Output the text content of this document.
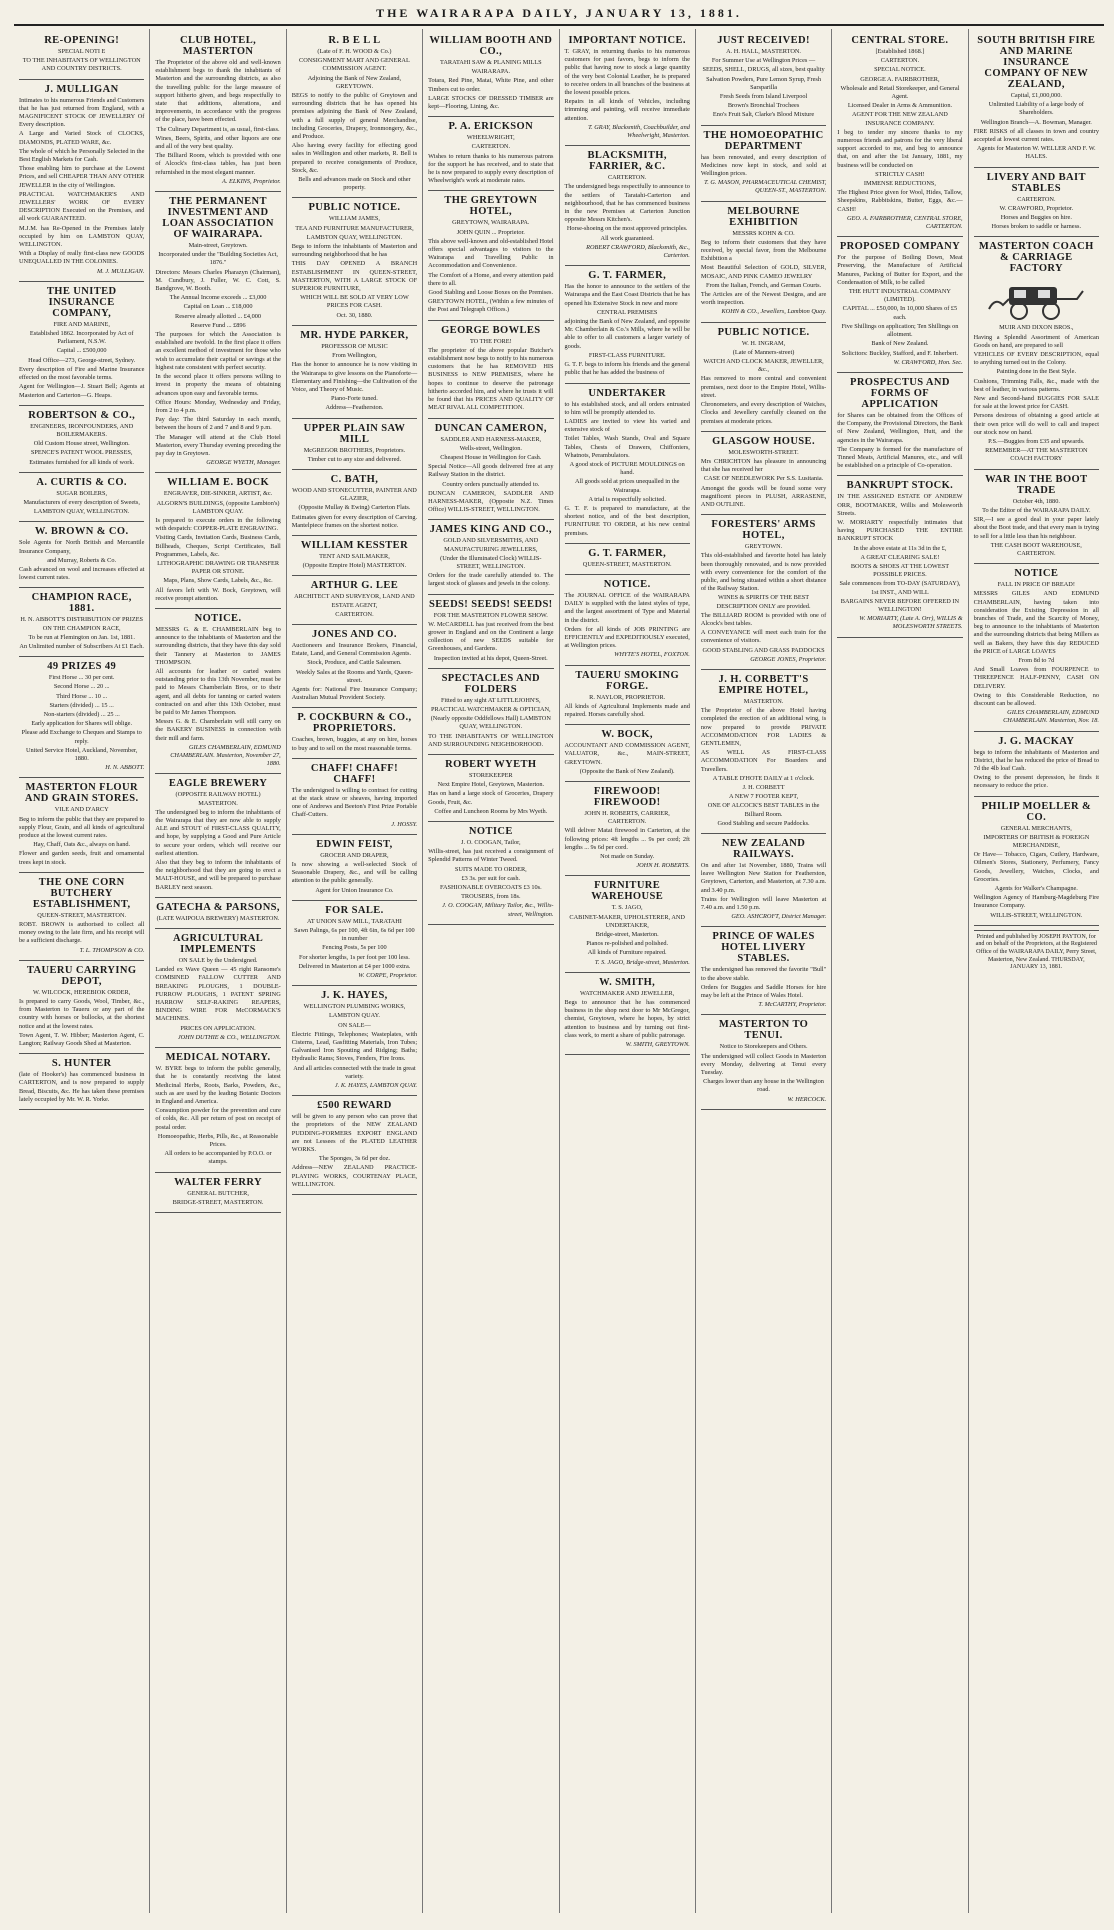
THE WAIRARAPA DAILY, JANUARY 13, 1881.
RE-OPENING!

SPECIAL NOTI E

TO THE INHABITANTS OF WELLINGTON AND COUNTRY DISTRICTS.

J. MULLIGAN

Intimates to his numerous Friends and Customers that he has just returned from England, with a MAGNIFICENT STOCK OF JEWELLERY Of Every description.

A Large and Varied Stock of CLOCKS, DIAMONDS, PLATED WARE, &c.

The whole of which he Personally Selected in the Best English Markets for Cash.

Those enabling him to purchase at the Lowest Prices, and sell CHEAPER THAN ANY OTHER JEWELLER in the city of Wellington.

PRACTICAL WATCHMAKER'S AND JEWELLERS' WORK OF EVERY DESCRIPTION Executed on the Premises, and all work GUARANTEED.

M.J.M. has Re-Opened in the Premises lately occupied by him on LAMBTON QUAY, WELLINGTON.

With a Display of really first-class new GOODS UNEQUALLED IN THE COLONIES.

M. J. MULLIGAN.

THE UNITED INSURANCE COMPANY,

FIRE AND MARINE,

Established 1862. Incorporated by Act of Parliament, N.S.W.

Capital ... £500,000

Head Office—273, George-street, Sydney.

Every description of Fire and Marine Insurance effected on the most favorable terms.

Agent for Wellington—J. Stuart Bell; Agents at Masterton and Carterton—G. Heaps.

ROBERTSON & CO.,

ENGINEERS, IRONFOUNDERS, AND BOILERMAKERS.

Old Custom House street, Wellington.

SPENCE'S PATENT WOOL PRESSES,

Estimates furnished for all kinds of work.

A. CURTIS & CO.

SUGAR BOILERS,

Manufacturers of every description of Sweets,

LAMBTON QUAY, WELLINGTON.

W. BROWN & CO.

Sole Agents for North British and Mercantile Insurance Company,

and Murray, Roberts & Co.

Cash advanced on wool and increases effected at lowest current rates.

CHAMPION RACE, 1881.

H. N. ABBOTT'S DISTRIBUTION OF PRIZES ON THE CHAMPION RACE,

To be run at Flemington on Jan. 1st, 1881.

An Unlimited number of Subscribers At £1 Each.

49 PRIZES 49

First Horse ... 30 per cent.

Second Horse ... 20 ...

Third Horse ... 10 ...

Starters (divided) ... 15 ...

Non-starters (divided) ... 25 ...

Early application for Shares will oblige.

Please add Exchange to Cheques and Stamps to reply.

United Service Hotel, Auckland, November, 1880.

H. N. ABBOTT.

MASTERTON FLOUR AND GRAIN STORES.

VILE AND D'ARCY

Beg to inform the public that they are prepared to supply Flour, Grain, and all kinds of agricultural produce at the lowest current rates.

Hay, Chaff, Oats &c., always on hand.

Flower and garden seeds, fruit and ornamental trees kept in stock.

THE ONE CORN BUTCHERY ESTABLISHMENT,

QUEEN-STREET, MASTERTON.

ROBT. BROWN is authorised to collect all money owing to the late firm, and his receipt will be a sufficient discharge.

T. L. THOMPSON & CO.

TAUERU CARRYING DEPOT,

W. WILCOCK, HEREBIOK ORDER,

Is prepared to carry Goods, Wool, Timber, &c., from Masterton to Taueru or any part of the country with horses or bullocks, at the shortest notice and at the lowest rates.

Town Agent, T. W. Hibber; Masterton Agent, C. Langton; Railway Goods Shed at Masterton.

S. HUNTER

(late of Hooker's) has commenced business in CARTERTON, and is now prepared to supply Bread, Biscuits, &c. He has taken these premises lately occupied by Mr. W. R. Yorke.

CLUB HOTEL, MASTERTON

The Proprietor of the above old and well-known establishment begs to thank the inhabitants of Masterton and the surrounding districts, as also the travelling public for the large measure of support hitherto given, and begs respectfully to state that additions, alterations, and improvements, in accordance with the progress of the place, have been effected.

The Culinary Department is, as usual, first-class.

Wines, Beers, Spirits, and other liquors are one and all of the very best quality.

The Billiard Room, which is provided with one of Alcock's first-class tables, has just been refurnished in the most elegant manner.

A. ELKINS, Proprietor.

THE PERMANENT INVESTMENT AND LOAN ASSOCIATION OF WAIRARAPA.

Main-street, Greytown.

Incorporated under the "Building Societies Act, 1876."

Directors: Messrs Charles Pharazyn (Chairman), M. Cundbury, J. Fuller, W. C. Cott, S. Bandgrove, W. Booth.

The Annual Income exceeds ... £3,000

Capital on Loan ... £18,000

Reserve already allotted ... £4,000

Reserve Fund ... £896

The purposes for which the Association is established are twofold. In the first place it offers an excellent method of investment for those who wish to accumulate their capital or savings at the highest rate consistent with perfect security.

In the second place it offers persons willing to invest in property the means of obtaining advances upon easy and favorable terms.

Office Hours: Monday, Wednesday and Friday, from 2 to 4 p.m.

Pay day: The third Saturday in each month, between the hours of 2 and 7 and 8 and 9 p.m.

The Manager will attend at the Club Hotel Masterton, every Thursday evening preceding the pay day in Greytown.

GEORGE WYETH, Manager.

WILLIAM E. BOCK

ENGRAVER, DIE-SINKER, ARTIST, &c.

ALGORN'S BUILDINGS, (opposite Lambton's) LAMBTON QUAY.

Is prepared to execute orders in the following with despatch: COPPER-PLATE ENGRAVING.

Visiting Cards, Invitation Cards, Business Cards, Billheads, Cheques, Script Certificates, Ball Programmes, Labels, &c.

LITHOGRAPHIC DRAWING OR TRANSFER PAPER OR STONE.

Maps, Plans, Show Cards, Labels, &c., &c.

All favors left with W. Bock, Greytown, will receive prompt attention.

NOTICE.

MESSRS G. & E. CHAMBERLAIN beg to announce to the inhabitants of Masterton and the surrounding districts, that they have this day sold their Tannery at Masterton to JAMES THOMPSON.

All accounts for leather or carted waters outstanding prior to this 13th November, must be paid to Messrs Chamberlain Bros, or to their agent, and all debts for tanning or carted waters contracted on and after this 13th October, must be paid to Mr James Thompson.

Messrs G. & E. Chamberlain will still carry on the BAKERY BUSINESS in connection with their mill and farm.

GILES CHAMBERLAIN, EDMUND CHAMBERLAIN. Masterton, November 27, 1880.

EAGLE BREWERY

(OPPOSITE RAILWAY HOTEL) MASTERTON.

The undersigned beg to inform the inhabitants of the Wairarapa that they are now able to supply ALE and STOUT of FIRST-CLASS QUALITY, and hope, by supplying a Good and Pure Article to secure your orders, which will receive our earliest attention.

Also that they beg to inform the inhabitants of the neighborhood that they are going to erect a MALT-HOUSE, and will be prepared to purchase BARLEY next season.

GATECHA & PARSONS,

(LATE WAIPOUA BREWERY) MASTERTON.

AGRICULTURAL IMPLEMENTS

ON SALE by the Undersigned.

Landed ex Wave Queen — 45 right Ransome's COMBINED FALLOW CUTTER AND BREAKING PLOUGHS, 1 DOUBLE-FURROW PLOUGHS, 1 PATENT SPRING HARROW SELF-RAKING REAPERS, BINDING WIRE FOR McCORMACK'S MACHINES.

PRICES ON APPLICATION.

JOHN DUTHIE & CO., WELLINGTON.

MEDICAL NOTARY.

W. BYRE begs to inform the public generally, that he is constantly receiving the latest Medicinal Herbs, Roots, Barks, Powders, &c., such as are used by the leading Botanic Doctors in England and America.

Consumption powder for the prevention and cure of colds, &c. All per return of post on receipt of postal order.

Homoeopathic, Herbs, Pills, &c., at Reasonable Prices.

All orders to be accompanied by P.O.O. or stamps.

WALTER FERRY

GENERAL BUTCHER,

BRIDGE-STREET, MASTERTON.

R. B E L L

(Late of F. H. WOOD & Co.)

CONSIGNMENT MART AND GENERAL COMMISSION AGENT.

Adjoining the Bank of New Zealand, GREYTOWN.

BEGS to notify to the public of Greytown and surrounding districts that he has opened his premises adjoining the Bank of New Zealand, with a full supply of general Merchandise, including Groceries, Drapery, Ironmongery, &c., and Produce.

Also having every facility for effecting good sales in Wellington and other markets, R. Bell is prepared to receive consignments of Produce, Stock, &c.

Bells and advances made on Stock and other property.

PUBLIC NOTICE.

WILLIAM JAMES,

TEA AND FURNITURE MANUFACTURER,

LAMBTON QUAY, WELLINGTON.

Begs to inform the inhabitants of Masterton and surrounding neighborhood that he has

THIS DAY OPENED A BRANCH ESTABLISHMENT IN QUEEN-STREET, MASTERTON, WITH A LARGE STOCK OF SUPERIOR FURNITURE,

WHICH WILL BE SOLD AT VERY LOW PRICES FOR CASH.

Oct. 30, 1880.

MR. HYDE PARKER,

PROFESSOR OF MUSIC

From Wellington,

Has the honor to announce he is now visiting in the Wairarapa to give lessons on the Pianoforte—Elementary and Finishing—the Cultivation of the Voice, and Theory of Music.

Piano-Forte tuned.

Address—Featherston.

UPPER PLAIN SAW MILL

McGREGOR BROTHERS, Proprietors.

Timber cut to any size and delivered.

C. BATH,

WOOD AND STONECUTTER, PAINTER AND GLAZIER,

(Opposite Mullay & Ewing) Carterton Flats.

Estimates given for every description of Carving. Mantelpiece frames on the shortest notice.

WILLIAM KESSTER

TENT AND SAILMAKER,

(Opposite Empire Hotel) MASTERTON.

ARTHUR G. LEE

ARCHITECT AND SURVEYOR, LAND AND ESTATE AGENT,

CARTERTON.

JONES AND CO.

Auctioneers and Insurance Brokers, Financial, Estate, Land, and General Commission Agents.

Stock, Produce, and Cattle Salesmen.

Weekly Sales at the Rooms and Yards, Queen-street.

Agents for: National Fire Insurance Company; Australian Mutual Provident Society.

P. COCKBURN & CO., PROPRIETORS.

Coaches, brown, buggies, at any on hire, horses to buy and to sell on the most reasonable terms.

CHAFF! CHAFF! CHAFF!

The undersigned is willing to contract for cutting at the stack straw or sheaves, having imported one of Andrews and Beeton's First Prize Portable Chaff-Cutters.

J. HOSSY.

EDWIN FEIST,

GROCER AND DRAPER,

Is now showing a well-selected Stock of Seasonable Drapery, &c., and will be calling attention to the public generally.

Agent for Union Insurance Co.

FOR SALE.

AT UNION SAW MILL, TARATAHI

Sawn Palings, 6s per 100, 4ft 6in, 6s 6d per 100 in number

Fencing Posts, 5s per 100

For shorter lengths, 1s per foot per 100 less.

Delivered in Masterton at £4 per 1000 extra.

W. CORPE, Proprietor.

J. K. HAYES,

WELLINGTON PLUMBING WORKS,

LAMBTON QUAY.

ON SALE—

Electric Fittings, Telephones; Wasteplates, with Cisterns, Lead, Gasfitting Materials, Iron Tubes; Galvanised Iron Spouting and Ridging; Baths; Hydraulic Rams; Stoves, Fenders, Fire Irons.

And all articles connected with the trade in great variety.

J. K. HAYES, LAMBTON QUAY.

£500 REWARD

will be given to any person who can prove that the proprietors of the NEW ZEALAND PUDDING-FORMERS EXPORT ENGLAND are not Lessees of the PLATED LEATHER WORKS.

The Sponges, 3s 6d per doz.

Address—NEW ZEALAND PRACTICE-PLAYING WORKS, COURTENAY PLACE, WELLINGTON.

WILLIAM BOOTH AND CO.,

TARATAHI SAW & PLANING MILLS

WAIRARAPA.

Totara, Red Pine, Matai, White Pine, and other Timbers cut to order.

LARGE STOCKS OF DRESSED TIMBER are kept—Flooring, Lining, &c.

P. A. ERICKSON

WHEELWRIGHT,

CARTERTON.

Wishes to return thanks to his numerous patrons for the support he has received, and to state that he is now prepared to supply every description of Wheelwright's work at moderate rates.

THE GREYTOWN HOTEL,

GREYTOWN, WAIRARAPA.

JOHN QUIN ... Proprietor.

This above well-known and old-established Hotel offers special advantages to visitors to the Wairarapa and Travelling Public in Accommodation and Convenience.

The Comfort of a Home, and every attention paid there to all.

Good Stabling and Loose Boxes on the Premises.

GREYTOWN HOTEL, (Within a few minutes of the Post and Telegraph Offices.)

GEORGE BOWLES

TO THE FORE!

The proprietor of the above popular Butcher's establishment now begs to notify to his numerous customers that he has REMOVED HIS BUSINESS to NEW PREMISES, where he hopes to continue to deserve the patronage hitherto accorded him, and where he trusts it will be found that his PRICES AND QUALITY OF MEAT RIVAL ALL COMPETITION.

DUNCAN CAMERON,

SADDLER AND HARNESS-MAKER,

Wells-street, Wellington.

Cheapest House in Wellington for Cash.

Special Notice—All goods delivered free at any Railway Station in the district.

Country orders punctually attended to.

DUNCAN CAMERON, SADDLER AND HARNESS-MAKER, (Opposite N.Z. Times Office) WILLIS-STREET, WELLINGTON.

JAMES KING AND CO.,

GOLD AND SILVERSMITHS, AND MANUFACTURING JEWELLERS,

(Under the Illuminated Clock) WILLIS-STREET, WELLINGTON.

Orders for the trade carefully attended to. The largest stock of glasses and jewels in the colony.

SEEDS! SEEDS! SEEDS!

FOR THE MASTERTON FLOWER SHOW.

W. McCARDELL has just received from the best grower in England and on the Continent a large collection of new SEEDS suitable for Greenhouses, and Gardens.

Inspection invited at his depot, Queen-Street.

SPECTACLES AND FOLDERS

Fitted to any sight AT LITTLEJOHN'S,

PRACTICAL WATCHMAKER & OPTICIAN,

(Nearly opposite Oddfellows Hall) LAMBTON QUAY, WELLINGTON.

TO THE INHABITANTS OF WELLINGTON AND SURROUNDING NEIGHBORHOOD.

ROBERT WYETH

STOREKEEPER

Next Empire Hotel, Greytown, Masterton.

Has on hand a large stock of Groceries, Drapery Goods, Fruit, &c.

Coffee and Luncheon Rooms by Mrs Wyeth.

NOTICE

J. O. COOGAN, Tailor,

Willis-street, has just received a consignment of Splendid Patterns of Winter Tweed.

SUITS MADE TO ORDER,

£3 3s. per suit for cash.

FASHIONABLE OVERCOATS £3 10s.

TROUSERS, from 18s.

J. O. COOGAN, Military Tailor, &c., Willis-street, Wellington.

IMPORTANT NOTICE.

T. GRAY, in returning thanks to his numerous customers for past favors, begs to inform the public that having now to stock a large quantity of the very best Colonial Leather, he is prepared to receive orders in all branches of the business at the lowest possible prices.

Repairs in all kinds of Vehicles, including trimming and painting, will receive immediate attention.

T. GRAY, Blacksmith, Coachbuilder, and Wheelwright, Masterton.

BLACKSMITH, FARRIER, &C.

CARTERTON.

The undersigned begs respectfully to announce to the settlers of Taratahi-Carterton and neighbourhood, that he has commenced business in the new Premises at Carterton Junction opposite Messrs Kitchen's.

Horse-shoeing on the most approved principles.

All work guaranteed.

ROBERT CRAWFORD, Blacksmith, &c., Carterton.

G. T. FARMER,

Has the honor to announce to the settlers of the Wairarapa and the East Coast Districts that he has opened his Extensive Stock in new and more

CENTRAL PREMISES

adjoining the Bank of New Zealand, and opposite Mr. Chamberlain & Co.'s Mills, where he will be able to offer to all customers a larger variety of goods.

FIRST-CLASS FURNITURE.

G. T. F. begs to inform his friends and the general public that he has added the business of

UNDERTAKER

to his established stock, and all orders entrusted to him will be promptly attended to.

LADIES are invited to view his varied and extensive stock of

Toilet Tables, Wash Stands, Oval and Square Tables, Chests of Drawers, Chiffoniers, Whatnots, Perambulators.

A good stock of PICTURE MOULDINGS on hand.

All goods sold at prices unequalled in the Wairarapa.

A trial is respectfully solicited.

G. T. F. is prepared to manufacture, at the shortest notice, and of the best description, FURNITURE TO ORDER, at his new central premises.

G. T. FARMER,

QUEEN-STREET, MASTERTON.

NOTICE.

The JOURNAL OFFICE of the WAIRARAPA DAILY is supplied with the latest styles of type, and the largest assortment of Type and Material in the district.

Orders for all kinds of JOB PRINTING are EFFICIENTLY and EXPEDITIOUSLY executed, at Wellington prices.

WHYTE'S HOTEL, FOXTON.

TAUERU SMOKING FORGE.

R. NAYLOR, PROPRIETOR.

All kinds of Agricultural Implements made and repaired. Horses carefully shod.

W. BOCK,

ACCOUNTANT AND COMMISSION AGENT, VALUATOR, &c., MAIN-STREET, GREYTOWN.

(Opposite the Bank of New Zealand).

FIREWOOD! FIREWOOD!

JOHN H. ROBERTS, CARRIER, CARTERTON.

Will deliver Matai firewood in Carterton, at the following prices: 4ft lengths ... 9s per cord; 2ft lengths ... 9s 6d per cord.

Not made on Sunday.

JOHN H. ROBERTS.

FURNITURE WAREHOUSE

T. S. JAGO,

CABINET-MAKER, UPHOLSTERER, AND UNDERTAKER,

Bridge-street, Masterton.

Pianos re-polished and polished.

All kinds of Furniture repaired.

T. S. JAGO, Bridge-street, Masterton.

W. SMITH,

WATCHMAKER AND JEWELLER,

Begs to announce that he has commenced business in the shop next door to Mr McGregor, chemist, Greytown, where he hopes, by strict attention to business and by turning out first-class work, to merit a share of public patronage.

W. SMITH, GREYTOWN.

JUST RECEIVED!

A. H. HALL, MASTERTON.

For Summer Use at Wellington Prices —

SEEDS, SHELL, DRUGS, all sizes, best quality

Salvation Powders, Pure Lemon Syrup, Fresh Sarsparilla

Fresh Seeds from Island Liverpool

Brown's Bronchial Trochees

Eno's Fruit Salt, Clarke's Blood Mixture

THE HOMOEOPATHIC DEPARTMENT

has been renovated, and every description of Medicines now kept in stock, and sold at Wellington prices.

T. G. MASON, PHARMACEUTICAL CHEMIST, QUEEN-ST., MASTERTON.

MELBOURNE EXHIBITION

MESSRS KOHN & CO.

Beg to inform their customers that they have received, by special favor, from the Melbourne Exhibition a

Most Beautiful Selection of GOLD, SILVER, MOSAIC, AND PINK CAMEO JEWELRY

From the Italian, French, and German Courts.

The Articles are of the Newest Designs, and are worth inspection.

KOHN & CO., Jewellers, Lambton Quay.

PUBLIC NOTICE.

W. H. INGRAM,

(Late of Manners-street)

WATCH AND CLOCK MAKER, JEWELLER, &c.,

Has removed to more central and convenient premises, next door to the Empire Hotel, Willis-street.

Chronometers, and every description of Watches, Clocks and Jewellery carefully cleaned on the premises at moderate prices.

GLASGOW HOUSE.

MOLESWORTH-STREET.

Mrs CHRICHTON has pleasure in announcing that she has received her

CASE OF NEEDLEWORK Per S.S. Lusitania.

Amongst the goods will be found some very magnificent pieces in PLUSH, ARRASENE, AND OUTLINE.

FORESTERS' ARMS HOTEL,

GREYTOWN.

This old-established and favorite hotel has lately been thoroughly renovated, and is now provided with every convenience for the comfort of the public, and being situated within a short distance of the Railway Station.

WINES & SPIRITS OF THE BEST DESCRIPTION ONLY are provided.

The BILLIARD ROOM is provided with one of Alcock's best tables.

A CONVEYANCE will meet each train for the convenience of visitors.

GOOD STABLING AND GRASS PADDOCKS

GEORGE JONES, Proprietor.

J. H. CORBETT'S EMPIRE HOTEL,

MASTERTON.

The Proprietor of the above Hotel having completed the erection of an additional wing, is now prepared to provide PRIVATE ACCOMMODATION FOR LADIES & GENTLEMEN,

AS WELL AS FIRST-CLASS ACCOMMODATION For Boarders and Travellers.

A TABLE D'HOTE DAILY at 1 o'clock.

J. H. CORBETT

A NEW 7 FOOTER KEPT,

ONE OF ALCOCK'S BEST TABLES in the Billiard Room.

Good Stabling and secure Paddocks.

NEW ZEALAND RAILWAYS.

On and after 1st November, 1880, Trains will leave Wellington New Station for Featherston, Greytown, Carterton, and Masterton, at 7.30 a.m. and 3.40 p.m.

Trains for Wellington will leave Masterton at 7.40 a.m. and 1.50 p.m.

GEO. ASHCROFT, District Manager.

PRINCE OF WALES HOTEL LIVERY STABLES.

The undersigned has removed the favorite "Bull" to the above stable.

Orders for Buggies and Saddle Horses for hire may be left at the Prince of Wales Hotel.

T. McCARTHY, Proprietor.

MASTERTON TO TENUI.

Notice to Storekeepers and Others.

The undersigned will collect Goods in Masterton every Monday, delivering at Tenui every Tuesday.

Charges lower than any house in the Wellington road.

W. HERCOCK.

CENTRAL STORE.

[Established 1868.]

CARTERTON.

SPECIAL NOTICE.

GEORGE A. FAIRBROTHER,

Wholesale and Retail Storekeeper, and General Agent.

Licensed Dealer in Arms & Ammunition.

AGENT FOR THE NEW ZEALAND INSURANCE COMPANY.

I beg to tender my sincere thanks to my numerous friends and patrons for the very liberal support accorded to me, and beg to announce that, on and after the 1st January, 1881, my business will be conducted on

STRICTLY CASH!

IMMENSE REDUCTIONS,

The Highest Price given for Wool, Hides, Tallow, Sheepskins, Rabbitskins, Butter, Eggs, &c.—CASH!

GEO. A. FAIRBROTHER, CENTRAL STORE, CARTERTON.

PROPOSED COMPANY

For the purpose of Boiling Down, Meat Preserving, the Manufacture of Artificial Manures, Packing of Butter for Export, and the Condensation of Milk, to be called

THE HUTT INDUSTRIAL COMPANY (LIMITED).

CAPITAL ... £50,000, In 10,000 Shares of £5 each.

Five Shillings on application; Ten Shillings on allotment.

Bank of New Zealand.

Solicitors: Buckley, Stafford, and F. Inherbert.

W. CRAWFORD, Hon. Sec.

PROSPECTUS AND FORMS OF APPLICATION

for Shares can be obtained from the Offices of the Company, the Provisional Directors, the Bank of New Zealand, Wellington, Hutt, and the agencies in the Wairarapa.

The Company is formed for the manufacture of Tinned Meats, Artificial Manures, etc., and will be established on a principle of Co-operation.

BANKRUPT STOCK.

IN THE ASSIGNED ESTATE OF ANDREW ORR, BOOTMAKER, Willis and Molesworth Streets.

W. MORIARTY respectfully intimates that having PURCHASED THE ENTIRE BANKRUPT STOCK

In the above estate at 11s 3d in the £,

A GREAT CLEARING SALE!

BOOTS & SHOES AT THE LOWEST POSSIBLE PRICES.

Sale commences from TO-DAY (SATURDAY), 1st INST., AND WILL

BARGAINS NEVER BEFORE OFFERED IN WELLINGTON!

W. MORIARTY, (Late A. Orr), WILLIS & MOLESWORTH STREETS.

SOUTH BRITISH FIRE AND MARINE INSURANCE COMPANY OF NEW ZEALAND,

Capital, £1,000,000.

Unlimited Liability of a large body of Shareholders.

Wellington Branch—A. Bowman, Manager.

FIRE RISKS of all classes in town and country accepted at lowest current rates.

Agents for Masterton W. WELLER AND F. W. HALES.

LIVERY AND BAIT STABLES

CARTERTON.

W. CRAWFORD, Proprietor.

Horses and Buggies on hire.

Horses broken to saddle or harness.

MASTERTON COACH & CARRIAGE FACTORY

MUIR AND DIXON BROS.,

Having a Splendid Assortment of American Goods on hand, are prepared to sell

VEHICLES OF EVERY DESCRIPTION, equal to anything turned out in the Colony.

Painting done in the Best Style.

Cushions, Trimming Falls, &c., made with the best of leather, in various patterns.

New and Second-hand BUGGIES FOR SALE for sale at the lowest price for CASH.

Persons desirous of obtaining a good article at their own price will do well to call and inspect our stock now on hand.

P.S.—Buggies from £35 and upwards.

REMEMBER—AT THE MASTERTON COACH FACTORY

WAR IN THE BOOT TRADE

October 4th, 1880.

To the Editor of the WAIRARAPA DAILY.

SIR,—I see a good deal in your paper lately about the Boot trade, and that every man is trying to sell for a little less than his neighbour.

THE CASH BOOT WAREHOUSE, CARTERTON.

NOTICE

FALL IN PRICE OF BREAD!

MESSRS GILES AND EDMUND CHAMBERLAIN, having taken into consideration the Existing Depression in all branches of Trade, and the Scarcity of Money, beg to announce to the inhabitants of Masterton and the surrounding districts that being Millers as well as Bakers, they have this day REDUCED the PRICE of LARGE LOAVES

From 8d to 7d

And Small Loaves from FOURPENCE to THREEPENCE HALF-PENNY, CASH ON DELIVERY.

Owing to this Considerable Reduction, no discount can be allowed.

GILES CHAMBERLAIN, EDMUND CHAMBERLAIN. Masterton, Nov. 18.

J. G. MACKAY

begs to inform the inhabitants of Masterton and District, that he has reduced the price of Bread to 7d the 4lb loaf Cash.

Owing to the present depression, he finds it necessary to reduce the price.

PHILIP MOELLER & CO.

GENERAL MERCHANTS,

IMPORTERS OF BRITISH & FOREIGN MERCHANDISE,

Or Have— Tobacco, Cigars, Cutlery, Hardware, Oilmen's Stores, Stationery, Perfumery, Fancy Goods, Jewellery, Watches, Clocks, and Groceries.

Agents for Walker's Champagne.

Wellington Agency of Hamburg-Magdeburg Fire Insurance Company.

WILLIS-STREET, WELLINGTON.

Printed and published by JOSEPH PAYTON, for and on behalf of the Proprietors, at the Registered Office of the WAIRARAPA DAILY, Perry Street, Masterton, New Zealand. THURSDAY, JANUARY 13, 1881.
